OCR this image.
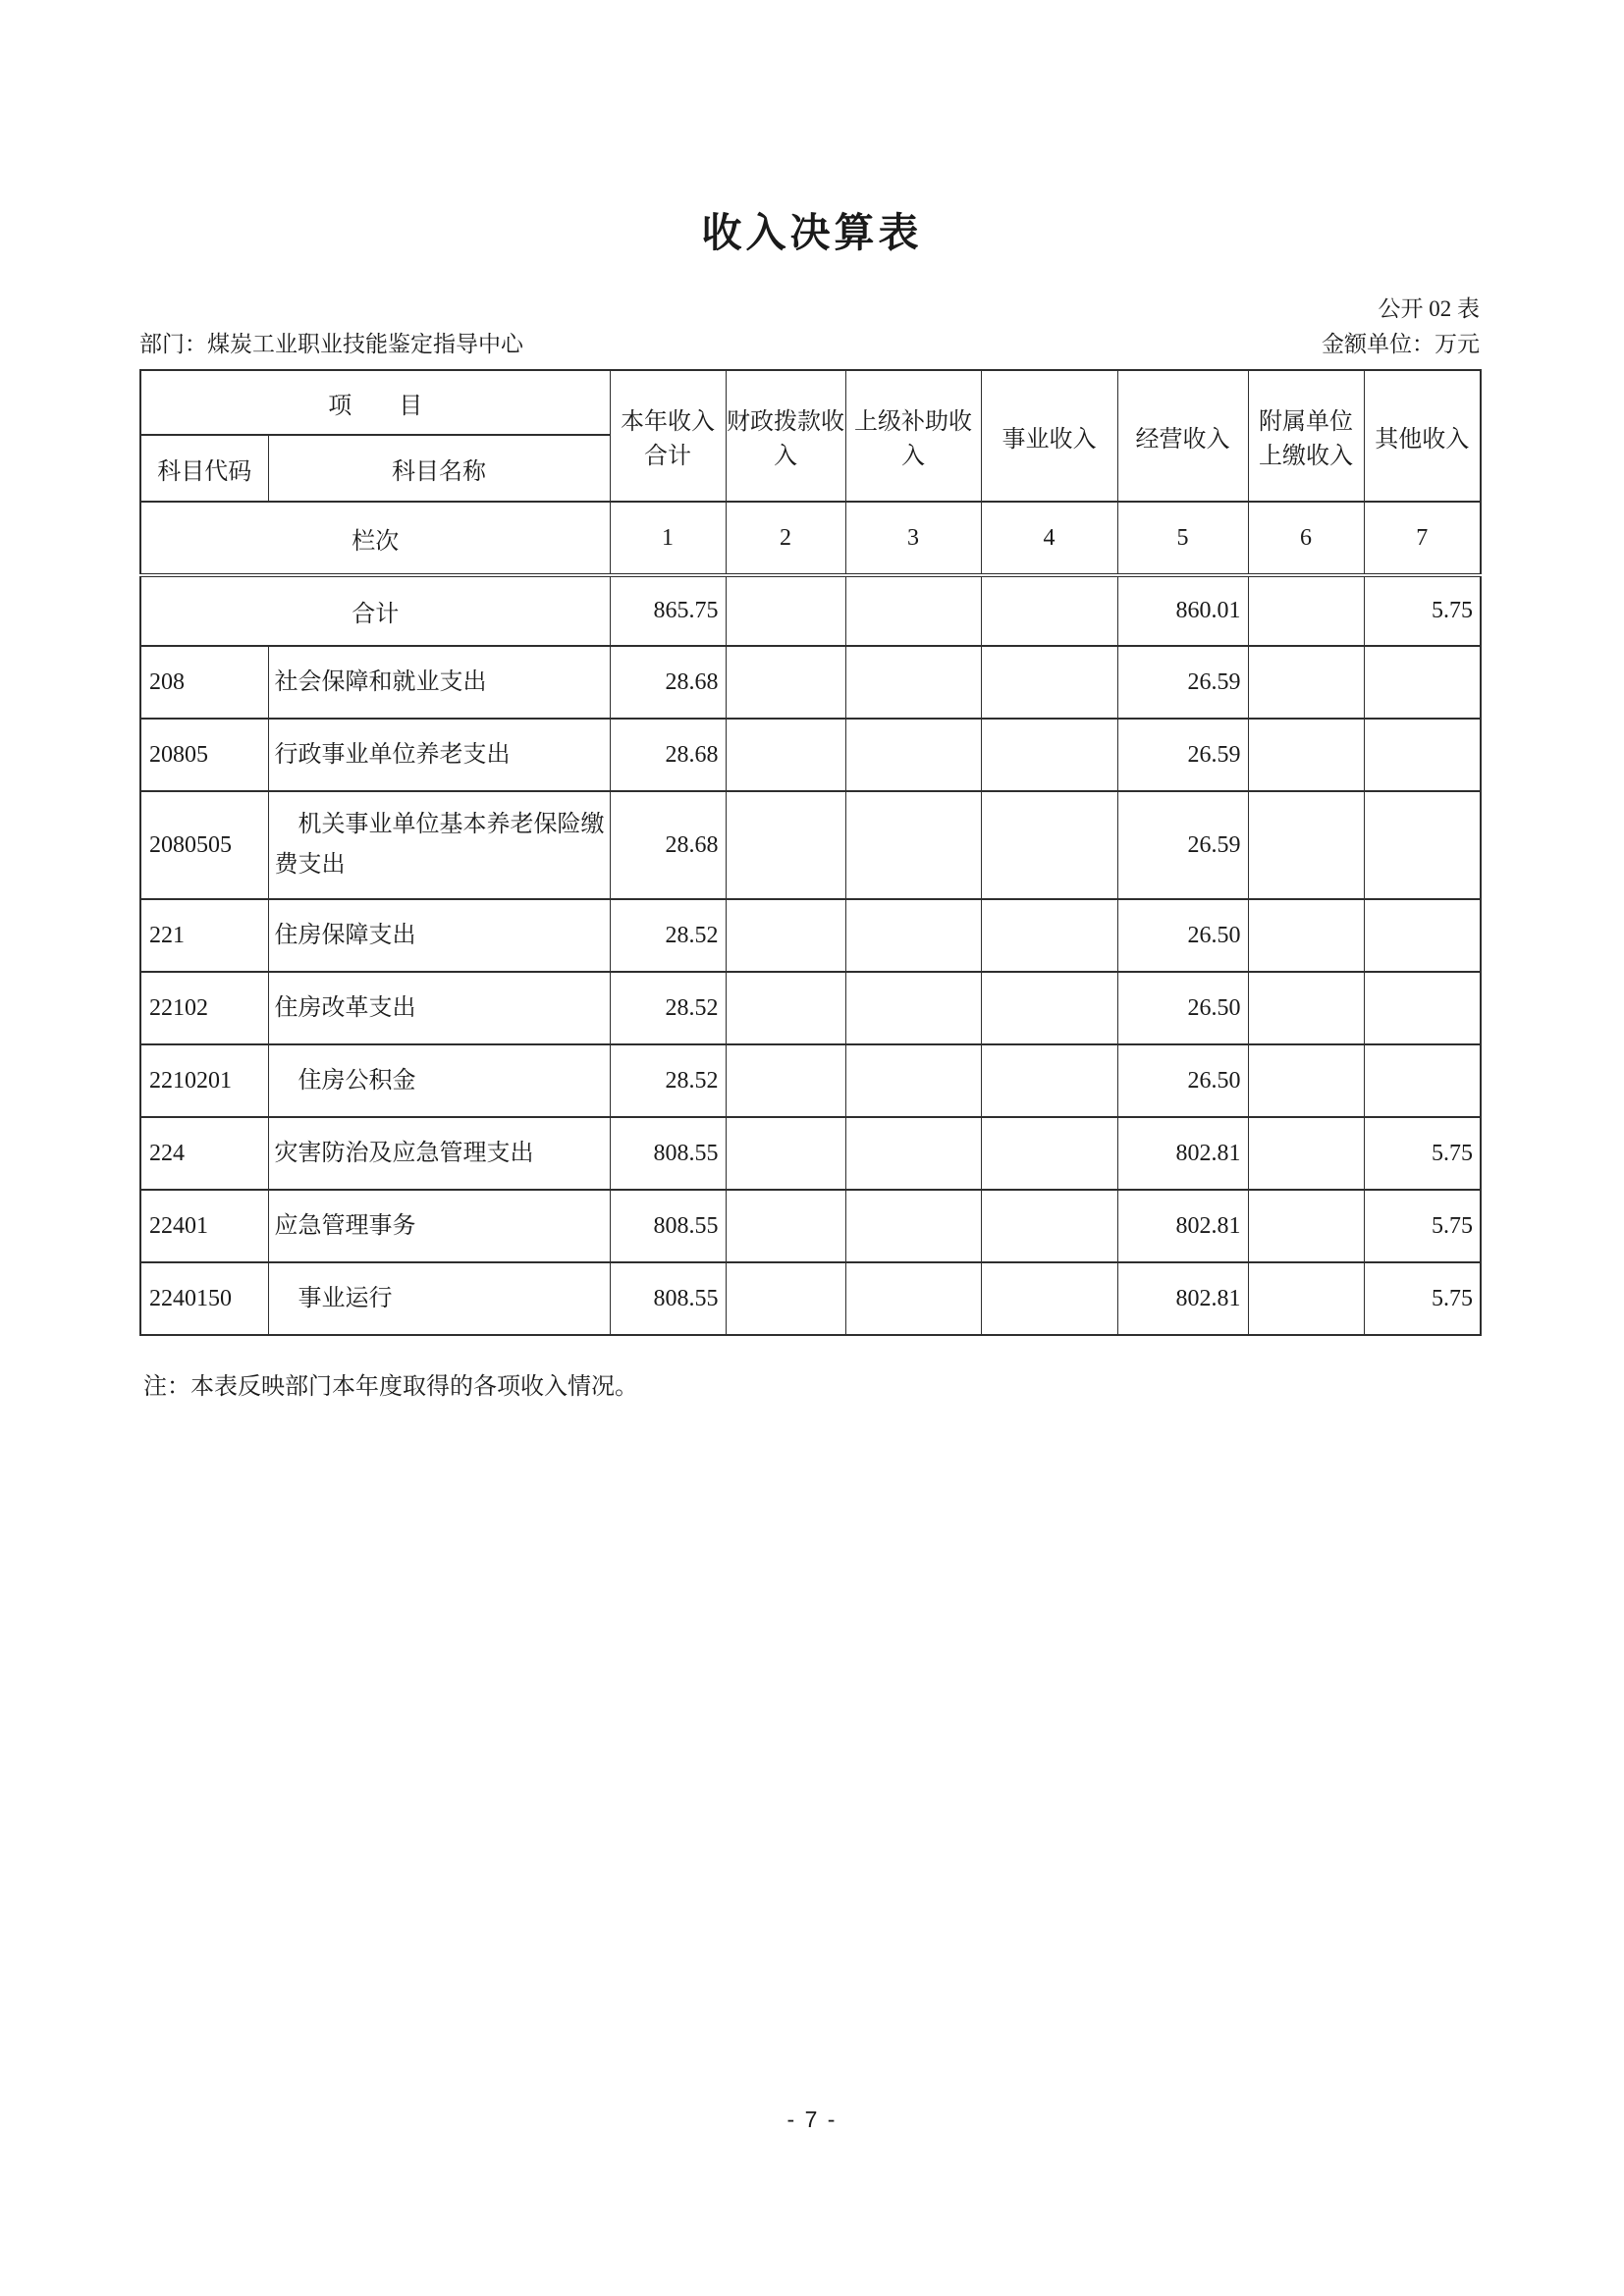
收入决算表
公开 02 表
部门：煤炭工业职业技能鉴定指导中心	金额单位：万元
项　　目		本年收入合计	财政拨款收入	上级补助收入	事业收入	经营收入	附属单位上缴收入	其他收入
科目代码	科目名称							
栏次		1	2	3	4	5	6	7
合计		865.75				860.01		5.75
208	社会保障和就业支出	28.68				26.59		
20805	行政事业单位养老支出	28.68				26.59		
2080505	　机关事业单位基本养老保险缴费支出	28.68				26.59		
221	住房保障支出	28.52				26.50		
22102	住房改革支出	28.52				26.50		
2210201	　住房公积金	28.52				26.50		
224	灾害防治及应急管理支出	808.55				802.81		5.75
22401	应急管理事务	808.55				802.81		5.75
2240150	　事业运行	808.55				802.81		5.75
注：本表反映部门本年度取得的各项收入情况。
- 7 -
